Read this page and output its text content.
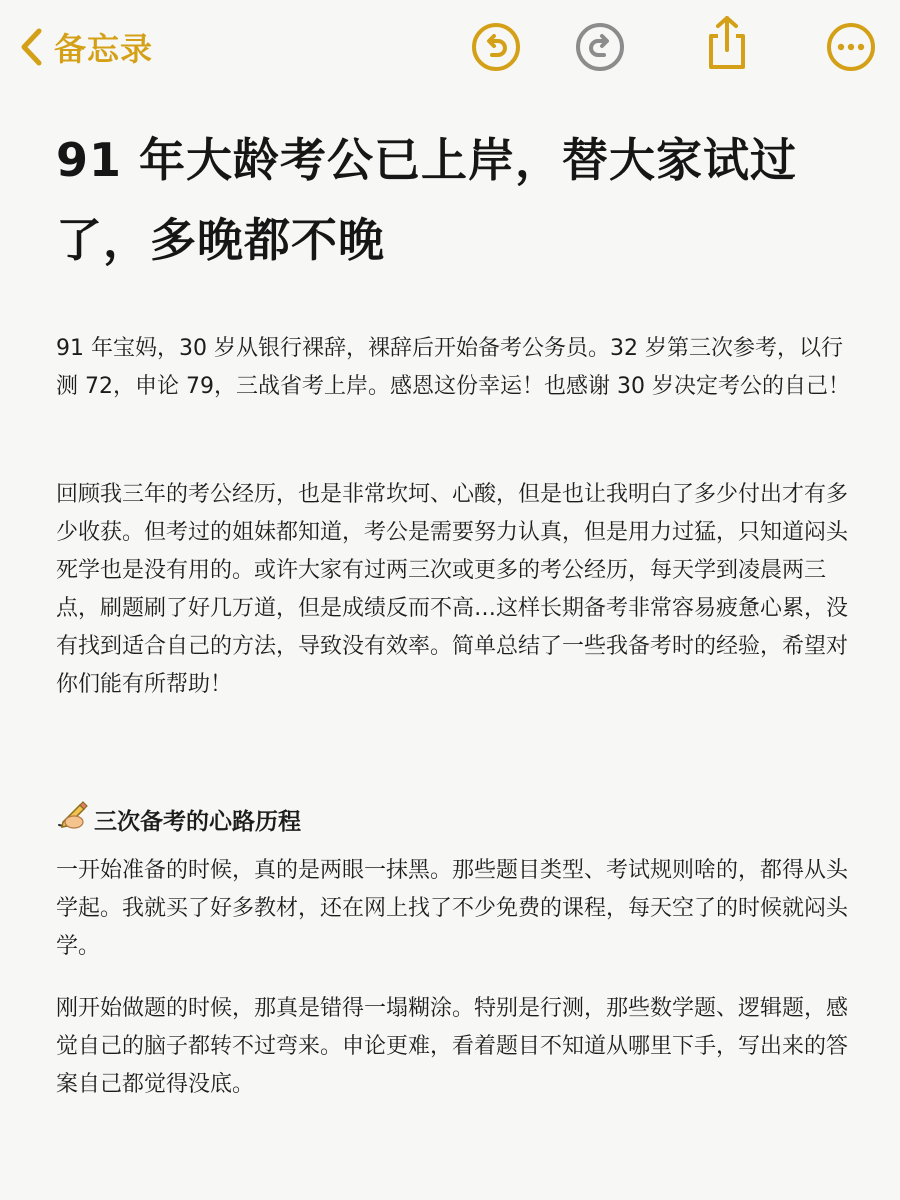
备忘录
91 年大龄考公已上岸，替大家试过了，多晚都不晚
91 年宝妈，30 岁从银行裸辞，裸辞后开始备考公务员。32 岁第三次参考，以行测 72，申论 79，三战省考上岸。感恩这份幸运！也感谢 30 岁决定考公的自己！
回顾我三年的考公经历，也是非常坎坷、心酸，但是也让我明白了多少付出才有多少收获。但考过的姐妹都知道，考公是需要努力认真，但是用力过猛，只知道闷头死学也是没有用的。或许大家有过两三次或更多的考公经历，每天学到凌晨两三点，刷题刷了好几万道，但是成绩反而不高…这样长期备考非常容易疲惫心累，没有找到适合自己的方法，导致没有效率。简单总结了一些我备考时的经验，希望对你们能有所帮助！
三次备考的心路历程
一开始准备的时候，真的是两眼一抹黑。那些题目类型、考试规则啥的，都得从头学起。我就买了好多教材，还在网上找了不少免费的课程，每天空了的时候就闷头学。
刚开始做题的时候，那真是错得一塌糊涂。特别是行测，那些数学题、逻辑题，感觉自己的脑子都转不过弯来。申论更难，看着题目不知道从哪里下手，写出来的答案自己都觉得没底。
